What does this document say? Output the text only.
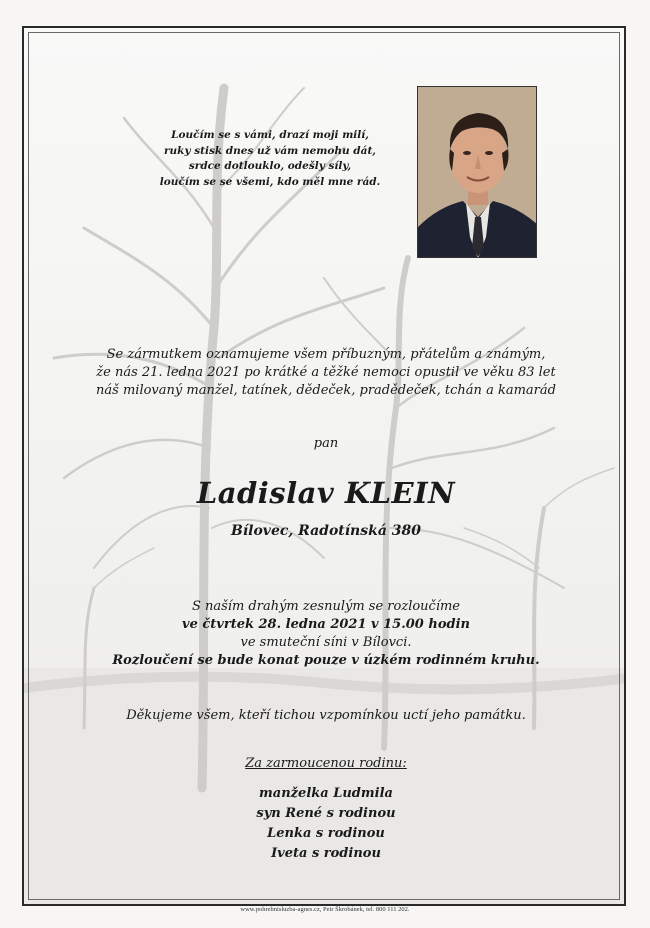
Loučím se s vámi, drazí moji milí,
ruky stisk dnes už vám nemohu dát,
srdce dotlouklo, odešly síly,
loučím se se všemi, kdo měl mne rád.
Se zármutkem oznamujeme všem příbuzným, přátelům a známým,
že nás 21. ledna 2021 po krátké a těžké nemoci opustil ve věku 83 let
náš milovaný manžel, tatínek, dědeček, pradědeček, tchán a kamarád
pan
Ladislav KLEIN
Bílovec, Radotínská 380
S naším drahým zesnulým se rozloučíme
ve čtvrtek 28. ledna 2021 v 15.00 hodin
ve smuteční síni v Bílovci.
Rozloučení se bude konat pouze v úzkém rodinném kruhu.
Děkujeme všem, kteří tichou vzpomínkou uctí jeho památku.
Za zarmoucenou rodinu:
manželka Ludmila
syn René s rodinou
Lenka s rodinou
Iveta s rodinou
www.pohrebnisluzba-agnes.cz, Petr Škrobánek, tel. 800 111 202.
